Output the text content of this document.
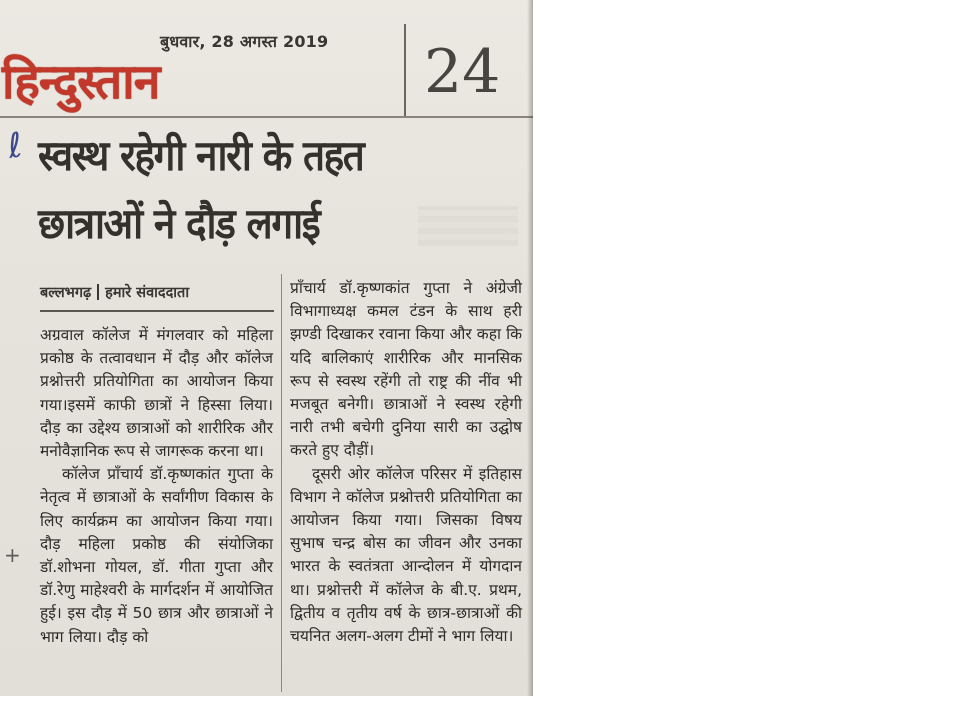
बुधवार, 28 अगस्त 2019
हिन्दुस्तान	24
ℓ स्वस्थ रहेगी नारी के तहत
छात्राओं ने दौड़ लगाई
बल्लभगढ़ हमारे संवाददाता

अग्रवाल कॉलेज में मंगलवार को महिला प्रकोष्ठ के तत्वावधान में दौड़ और कॉलेज प्रश्नोत्तरी प्रतियोगिता का आयोजन किया गया।इसमें काफी छात्रों ने हिस्सा लिया।दौड़ का उद्देश्य छात्राओं को शारीरिक और मनोवैज्ञानिक रूप से जागरूक करना था।

कॉलेज प्राँचार्य डॉ.कृष्णकांत गुप्ता के नेतृत्व में छात्राओं के सर्वांगीण विकास के लिए कार्यक्रम का आयोजन किया गया। दौड़ महिला प्रकोष्ठ की संयोजिका डॉ.शोभना गोयल, डॉ. गीता गुप्ता और डॉ.रेणु माहेश्वरी के मार्गदर्शन में आयोजित हुई। इस दौड़ में 50 छात्र और छात्राओं ने भाग लिया। दौड़ को

प्राँचार्य डॉ.कृष्णकांत गुप्ता ने अंग्रेजी विभागाध्यक्ष कमल टंडन के साथ हरी झण्डी दिखाकर रवाना किया और कहा कि यदि बालिकाएं शारीरिक और मानसिक रूप से स्वस्थ रहेंगी तो राष्ट्र की नींव भी मजबूत बनेगी। छात्राओं ने स्वस्थ रहेगी नारी तभी बचेगी दुनिया सारी का उद्घोष करते हुए दौड़ीं।

दूसरी ओर कॉलेज परिसर में इतिहास विभाग ने कॉलेज प्रश्नोत्तरी प्रतियोगिता का आयोजन किया गया। जिसका विषय सुभाष चन्द्र बोस का जीवन और उनका भारत के स्वतंत्रता आन्दोलन में योगदान था। प्रश्नोत्तरी में कॉलेज के बी.ए. प्रथम, द्वितीय व तृतीय वर्ष के छात्र-छात्राओं की चयनित अलग-अलग टीमों ने भाग लिया।

+
